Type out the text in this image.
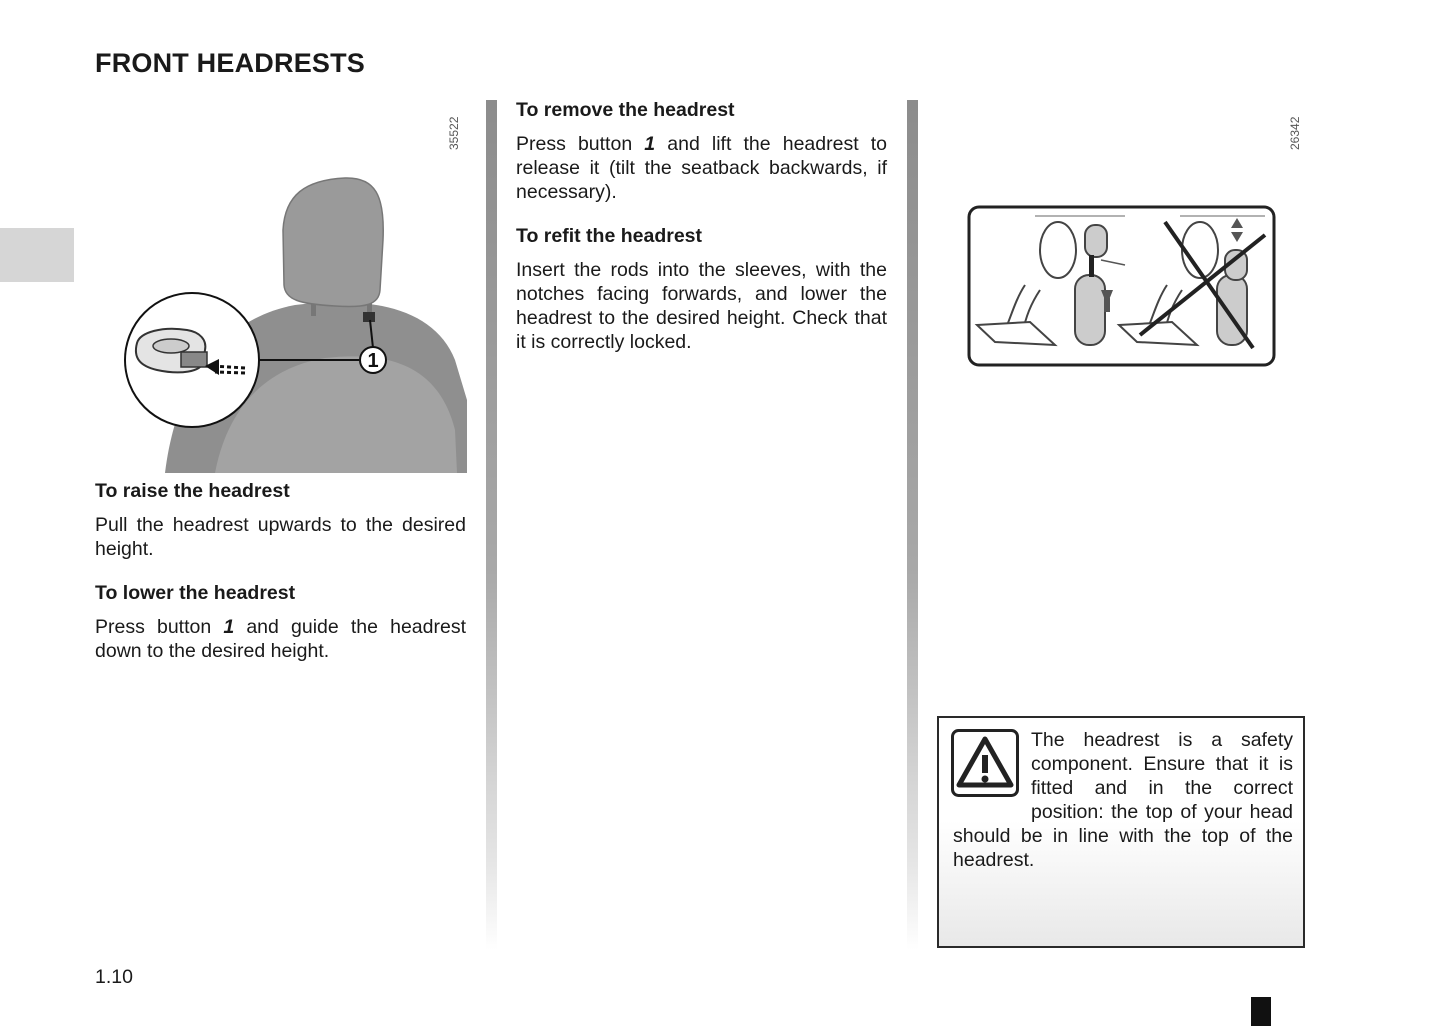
FRONT HEADRESTS
1
35522
To raise the headrest

Pull the headrest upwards to the desired height.

To lower the headrest

Press button 1 and guide the headrest down to the desired height.

To remove the headrest

Press button 1 and lift the headrest to release it (tilt the seatback backwards, if necessary).

To refit the headrest

Insert the rods into the sleeves, with the notches facing forwards, and lower the headrest to the desired height. Check that it is correctly locked.

26342

The headrest is a safety component. Ensure that it is fitted and in the correct position: the top of your head should be in line with the top of the headrest.

1.10
